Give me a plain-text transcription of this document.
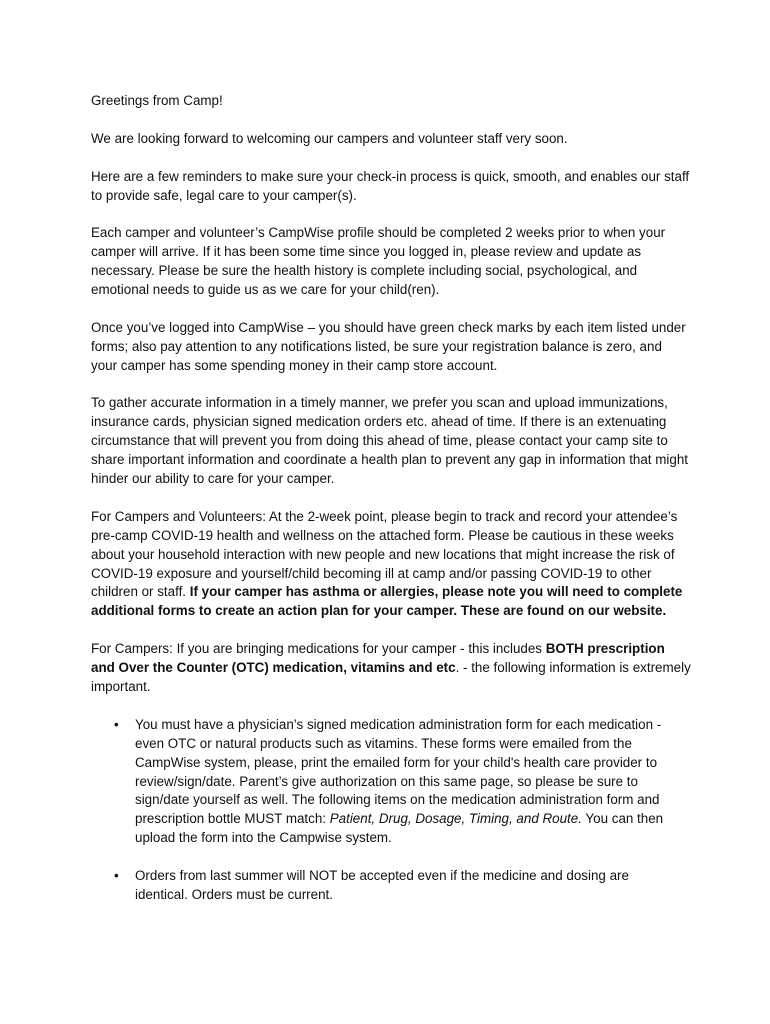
Greetings from Camp!

We are looking forward to welcoming our campers and volunteer staff very soon.

Here are a few reminders to make sure your check-in process is quick, smooth, and enables our staff to provide safe, legal care to your camper(s).

Each camper and volunteer’s CampWise profile should be completed 2 weeks prior to when your camper will arrive. If it has been some time since you logged in, please review and update as necessary. Please be sure the health history is complete including social, psychological, and emotional needs to guide us as we care for your child(ren).

Once you’ve logged into CampWise – you should have green check marks by each item listed under forms; also pay attention to any notifications listed, be sure your registration balance is zero, and your camper has some spending money in their camp store account.

To gather accurate information in a timely manner, we prefer you scan and upload immunizations, insurance cards, physician signed medication orders etc. ahead of time. If there is an extenuating circumstance that will prevent you from doing this ahead of time, please contact your camp site to share important information and coordinate a health plan to prevent any gap in information that might hinder our ability to care for your camper.

For Campers and Volunteers: At the 2-week point, please begin to track and record your attendee’s pre-camp COVID-19 health and wellness on the attached form. Please be cautious in these weeks about your household interaction with new people and new locations that might increase the risk of COVID-19 exposure and yourself/child becoming ill at camp and/or passing COVID-19 to other children or staff. If your camper has asthma or allergies, please note you will need to complete additional forms to create an action plan for your camper. These are found on our website.

For Campers: If you are bringing medications for your camper - this includes BOTH prescription and Over the Counter (OTC) medication, vitamins and etc. - the following information is extremely important.

• You must have a physician’s signed medication administration form for each medication - even OTC or natural products such as vitamins. These forms were emailed from the CampWise system, please, print the emailed form for your child's health care provider to review/sign/date. Parent’s give authorization on this same page, so please be sure to sign/date yourself as well. The following items on the medication administration form and prescription bottle MUST match: Patient, Drug, Dosage, Timing, and Route. You can then upload the form into the Campwise system.
• Orders from last summer will NOT be accepted even if the medicine and dosing are identical. Orders must be current.
